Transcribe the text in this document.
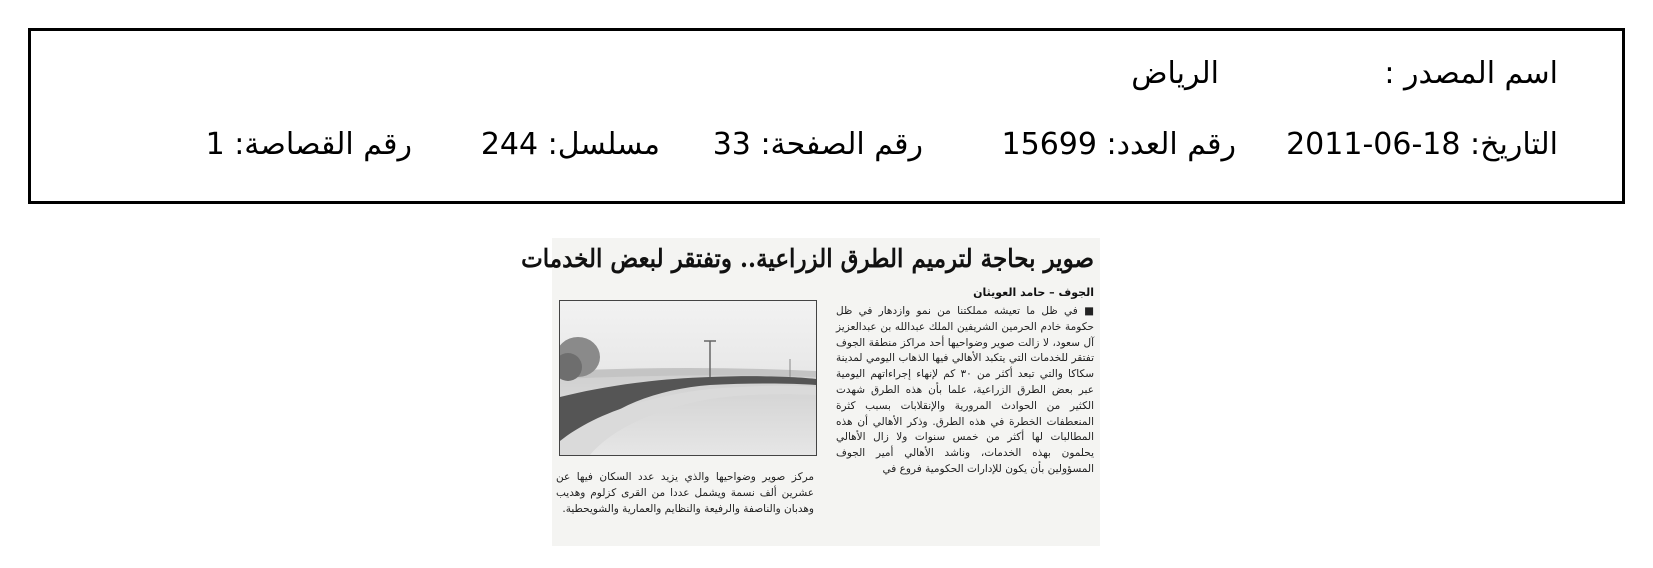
اسم المصدر :
الرياض
التاريخ: 18-06-2011
رقم العدد: 15699
رقم الصفحة: 33
مسلسل: 244
رقم القصاصة: 1
صوير بحاجة لترميم الطرق الزراعية.. وتفتقر لبعض الخدمات
الجوف – حامد العويثان
■ في ظل ما تعيشه مملكتنا من نمو وازدهار في ظل حكومة خادم الحرمين الشريفين الملك عبدالله بن عبدالعزيز آل سعود، لا زالت صوير وضواحيها أحد مراكز منطقة الجوف تفتقر للخدمات التي يتكبد الأهالي فيها الذهاب اليومي لمدينة سكاكا والتي تبعد أكثر من ٣٠ كم لإنهاء إجراءاتهم اليومية عبر بعض الطرق الزراعية، علما بأن هذه الطرق شهدت الكثير من الحوادث المرورية والإنقلابات بسبب كثرة المنعطفات الخطرة في هذه الطرق. وذكر الأهالي أن هذه المطالبات لها أكثر من خمس سنوات ولا زال الأهالي يحلمون بهذه الخدمات، وناشد الأهالي أمير الجوف المسؤولين بأن يكون للإدارات الحكومية فروع في
مركز صوير وضواحيها والذي يزيد عدد السكان فيها عن عشرين ألف نسمة ويشمل عددا من القرى كزلوم وهديب وهدبان والناصفة والرفيعة والنظايم والعمارية والشويحطية.
